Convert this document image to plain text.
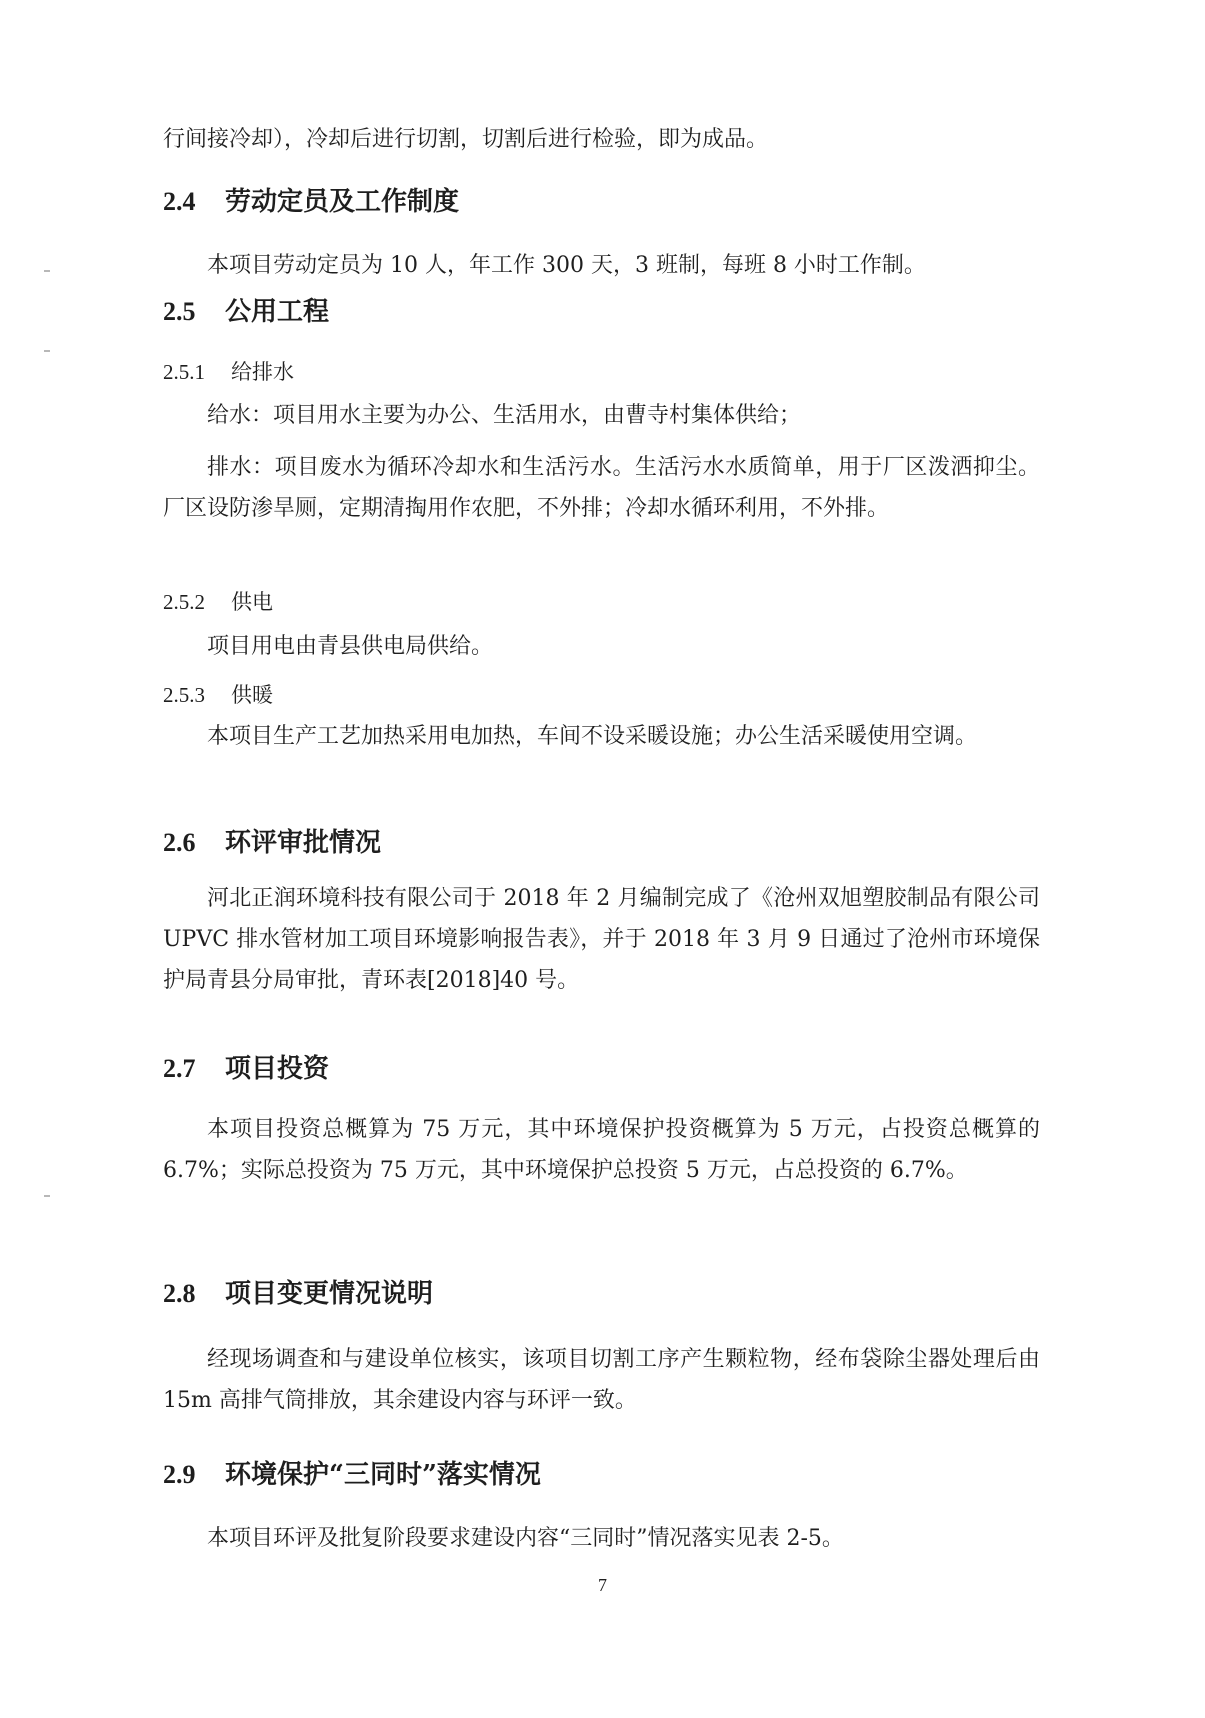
行间接冷却），冷却后进行切割，切割后进行检验，即为成品。
2.4 劳动定员及工作制度
本项目劳动定员为 10 人，年工作 300 天，3 班制，每班 8 小时工作制。
2.5 公用工程
2.5.1 给排水
给水：项目用水主要为办公、生活用水，由曹寺村集体供给；
排水：项目废水为循环冷却水和生活污水。生活污水水质简单，用于厂区泼洒抑尘。厂区设防渗旱厕，定期清掏用作农肥，不外排；冷却水循环利用，不外排。
2.5.2 供电
项目用电由青县供电局供给。
2.5.3 供暖
本项目生产工艺加热采用电加热，车间不设采暖设施；办公生活采暖使用空调。
2.6 环评审批情况
河北正润环境科技有限公司于 2018 年 2 月编制完成了《沧州双旭塑胶制品有限公司 UPVC 排水管材加工项目环境影响报告表》，并于 2018 年 3 月 9 日通过了沧州市环境保护局青县分局审批，青环表[2018]40 号。
2.7 项目投资
本项目投资总概算为 75 万元，其中环境保护投资概算为 5 万元，占投资总概算的 6.7%；实际总投资为 75 万元，其中环境保护总投资 5 万元，占总投资的 6.7%。
2.8 项目变更情况说明
经现场调查和与建设单位核实，该项目切割工序产生颗粒物，经布袋除尘器处理后由 15m 高排气筒排放，其余建设内容与环评一致。
2.9 环境保护“三同时”落实情况
本项目环评及批复阶段要求建设内容“三同时”情况落实见表 2-5。
7
